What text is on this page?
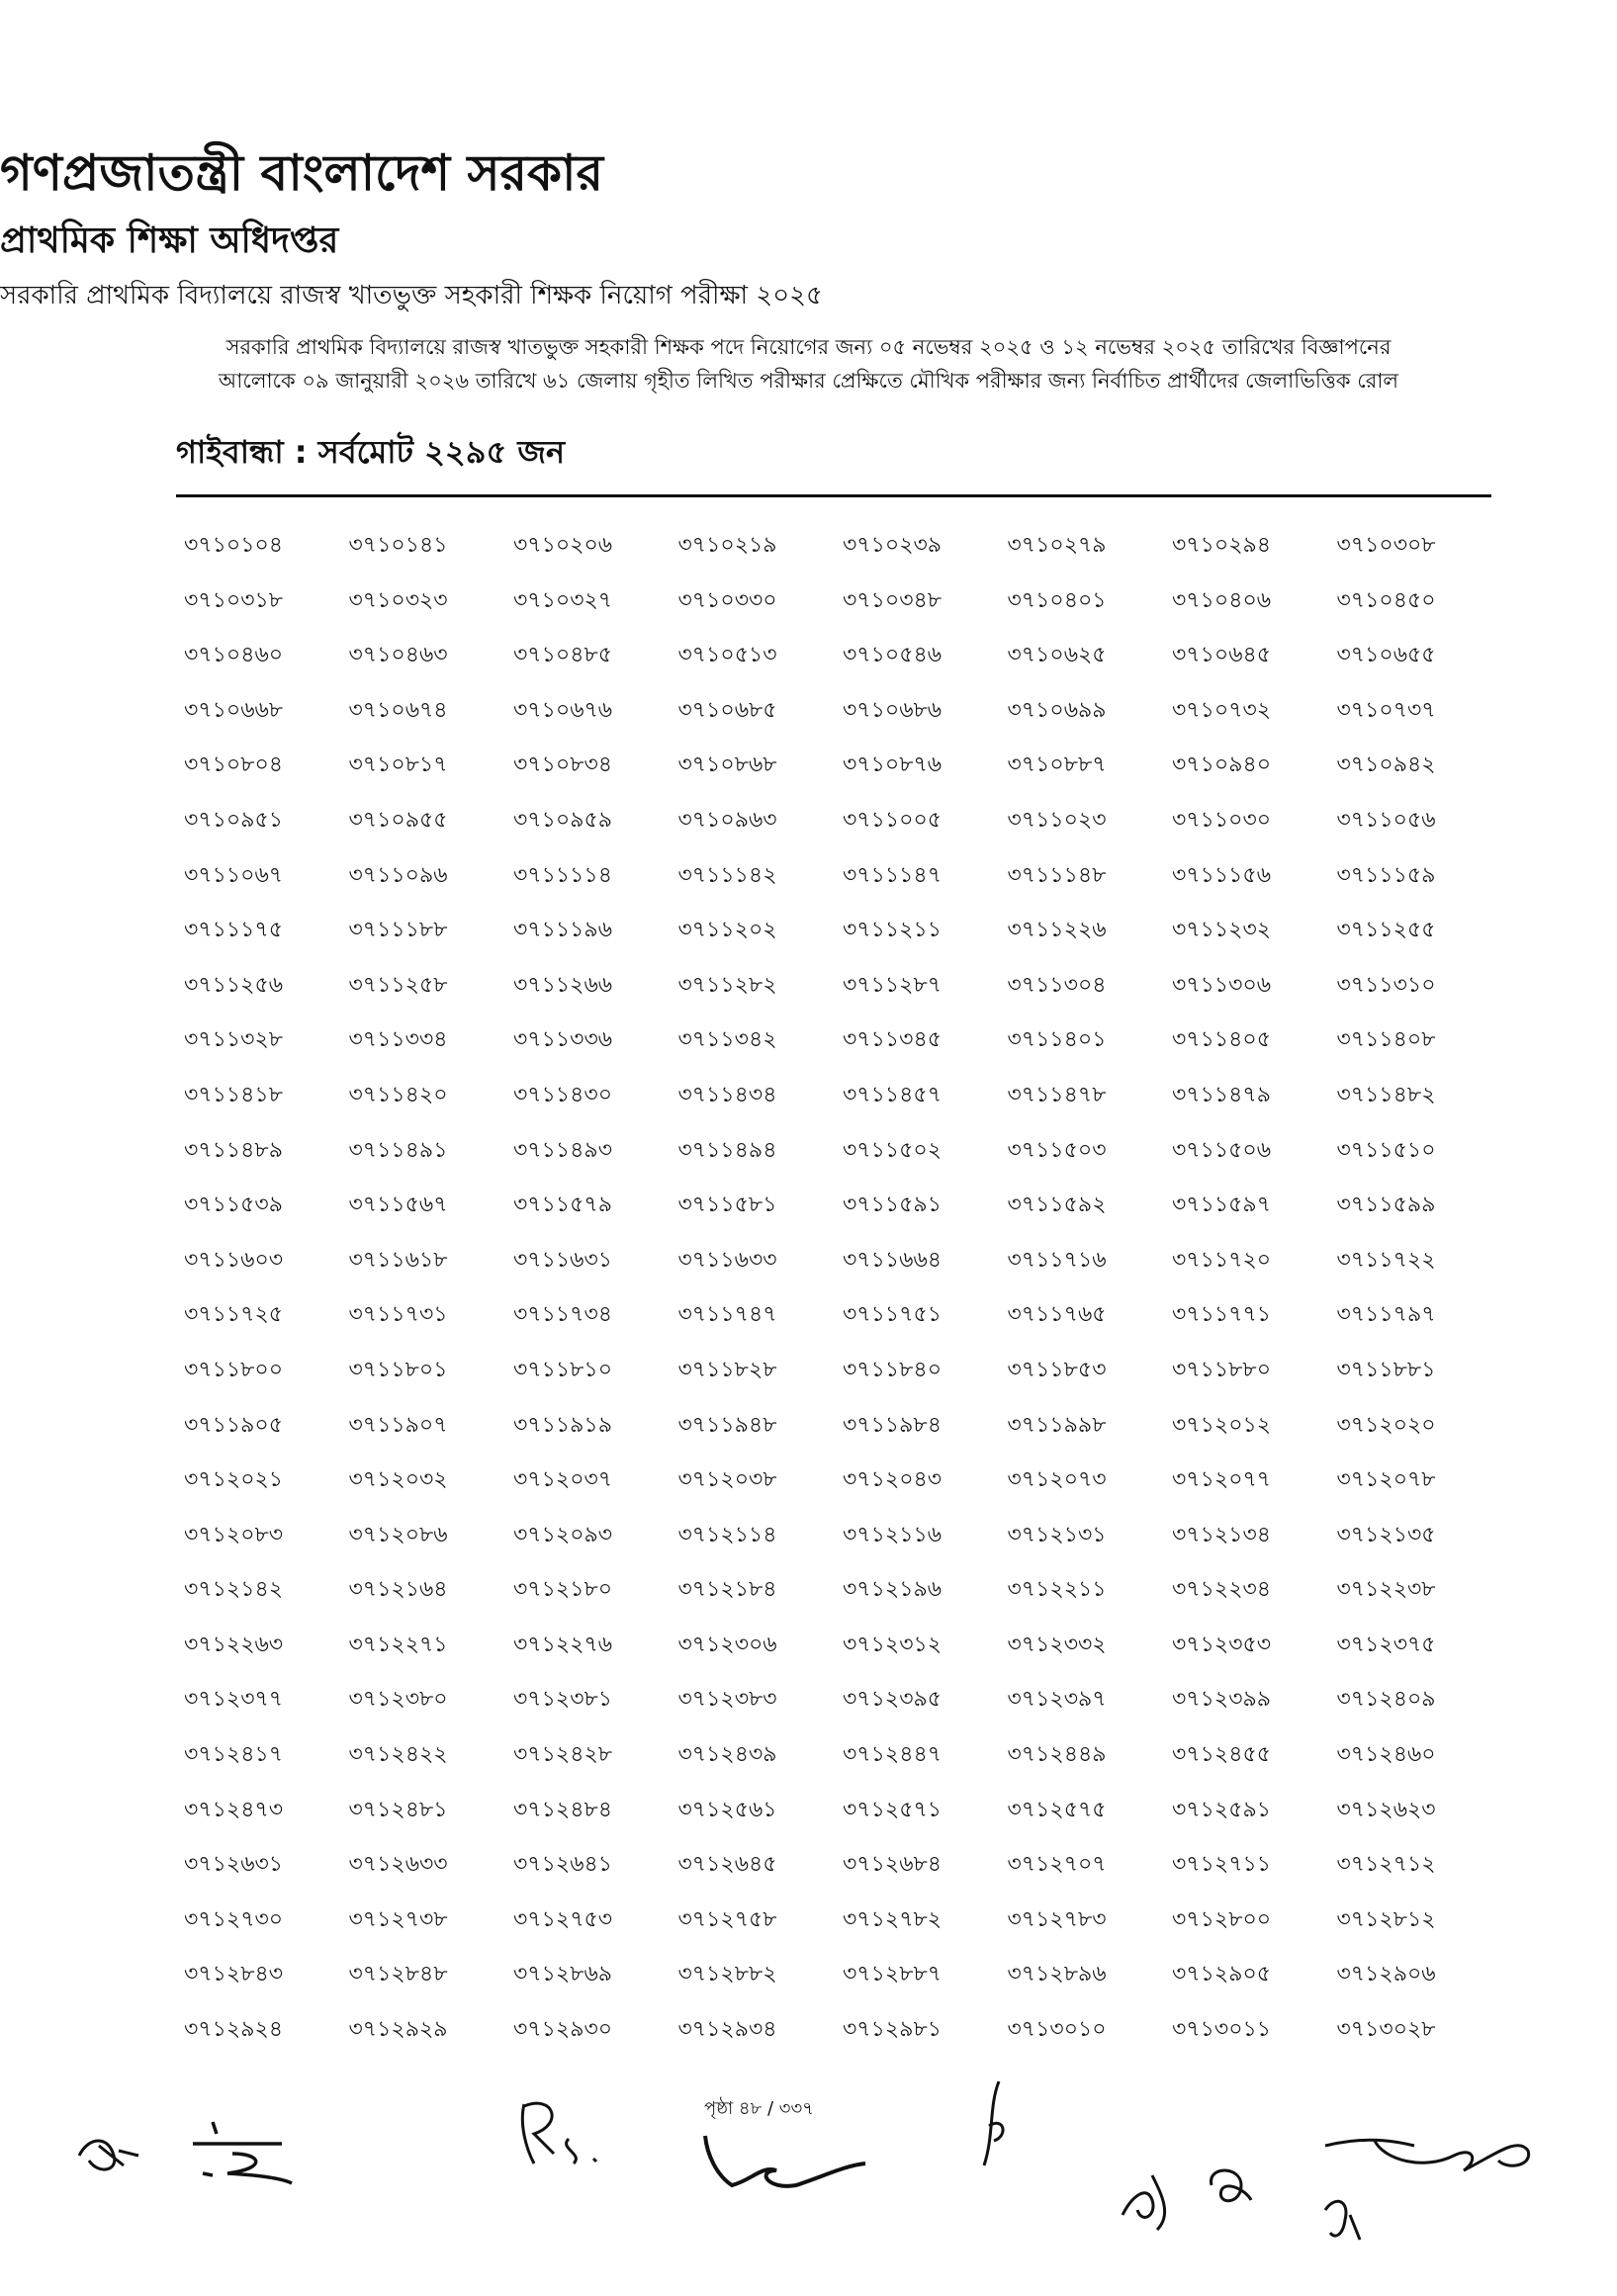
গণপ্রজাতন্ত্রী বাংলাদেশ সরকার
প্রাথমিক শিক্ষা অধিদপ্তর
সরকারি প্রাথমিক বিদ্যালয়ে রাজস্ব খাতভুক্ত সহকারী শিক্ষক নিয়োগ পরীক্ষা ২০২৫
সরকারি প্রাথমিক বিদ্যালয়ে রাজস্ব খাতভুক্ত সহকারী শিক্ষক পদে নিয়োগের জন্য ০৫ নভেম্বর ২০২৫ ও ১২ নভেম্বর ২০২৫ তারিখের বিজ্ঞাপনের
আলোকে ০৯ জানুয়ারী ২০২৬ তারিখে ৬১ জেলায় গৃহীত লিখিত পরীক্ষার প্রেক্ষিতে মৌখিক পরীক্ষার জন্য নির্বাচিত প্রার্থীদের জেলাভিত্তিক রোল
গাইবান্ধা : সর্বমোট ২২৯৫ জন
৩৭১০১০৪	৩৭১০১৪১	৩৭১০২০৬	৩৭১০২১৯	৩৭১০২৩৯	৩৭১০২৭৯	৩৭১০২৯৪	৩৭১০৩০৮
৩৭১০৩১৮	৩৭১০৩২৩	৩৭১০৩২৭	৩৭১০৩৩০	৩৭১০৩৪৮	৩৭১০৪০১	৩৭১০৪০৬	৩৭১০৪৫০
৩৭১০৪৬০	৩৭১০৪৬৩	৩৭১০৪৮৫	৩৭১০৫১৩	৩৭১০৫৪৬	৩৭১০৬২৫	৩৭১০৬৪৫	৩৭১০৬৫৫
৩৭১০৬৬৮	৩৭১০৬৭৪	৩৭১০৬৭৬	৩৭১০৬৮৫	৩৭১০৬৮৬	৩৭১০৬৯৯	৩৭১০৭৩২	৩৭১০৭৩৭
৩৭১০৮০৪	৩৭১০৮১৭	৩৭১০৮৩৪	৩৭১০৮৬৮	৩৭১০৮৭৬	৩৭১০৮৮৭	৩৭১০৯৪০	৩৭১০৯৪২
৩৭১০৯৫১	৩৭১০৯৫৫	৩৭১০৯৫৯	৩৭১০৯৬৩	৩৭১১০০৫	৩৭১১০২৩	৩৭১১০৩০	৩৭১১০৫৬
৩৭১১০৬৭	৩৭১১০৯৬	৩৭১১১১৪	৩৭১১১৪২	৩৭১১১৪৭	৩৭১১১৪৮	৩৭১১১৫৬	৩৭১১১৫৯
৩৭১১১৭৫	৩৭১১১৮৮	৩৭১১১৯৬	৩৭১১২০২	৩৭১১২১১	৩৭১১২২৬	৩৭১১২৩২	৩৭১১২৫৫
৩৭১১২৫৬	৩৭১১২৫৮	৩৭১১২৬৬	৩৭১১২৮২	৩৭১১২৮৭	৩৭১১৩০৪	৩৭১১৩০৬	৩৭১১৩১০
৩৭১১৩২৮	৩৭১১৩৩৪	৩৭১১৩৩৬	৩৭১১৩৪২	৩৭১১৩৪৫	৩৭১১৪০১	৩৭১১৪০৫	৩৭১১৪০৮
৩৭১১৪১৮	৩৭১১৪২০	৩৭১১৪৩০	৩৭১১৪৩৪	৩৭১১৪৫৭	৩৭১১৪৭৮	৩৭১১৪৭৯	৩৭১১৪৮২
৩৭১১৪৮৯	৩৭১১৪৯১	৩৭১১৪৯৩	৩৭১১৪৯৪	৩৭১১৫০২	৩৭১১৫০৩	৩৭১১৫০৬	৩৭১১৫১০
৩৭১১৫৩৯	৩৭১১৫৬৭	৩৭১১৫৭৯	৩৭১১৫৮১	৩৭১১৫৯১	৩৭১১৫৯২	৩৭১১৫৯৭	৩৭১১৫৯৯
৩৭১১৬০৩	৩৭১১৬১৮	৩৭১১৬৩১	৩৭১১৬৩৩	৩৭১১৬৬৪	৩৭১১৭১৬	৩৭১১৭২০	৩৭১১৭২২
৩৭১১৭২৫	৩৭১১৭৩১	৩৭১১৭৩৪	৩৭১১৭৪৭	৩৭১১৭৫১	৩৭১১৭৬৫	৩৭১১৭৭১	৩৭১১৭৯৭
৩৭১১৮০০	৩৭১১৮০১	৩৭১১৮১০	৩৭১১৮২৮	৩৭১১৮৪০	৩৭১১৮৫৩	৩৭১১৮৮০	৩৭১১৮৮১
৩৭১১৯০৫	৩৭১১৯০৭	৩৭১১৯১৯	৩৭১১৯৪৮	৩৭১১৯৮৪	৩৭১১৯৯৮	৩৭১২০১২	৩৭১২০২০
৩৭১২০২১	৩৭১২০৩২	৩৭১২০৩৭	৩৭১২০৩৮	৩৭১২০৪৩	৩৭১২০৭৩	৩৭১২০৭৭	৩৭১২০৭৮
৩৭১২০৮৩	৩৭১২০৮৬	৩৭১২০৯৩	৩৭১২১১৪	৩৭১২১১৬	৩৭১২১৩১	৩৭১২১৩৪	৩৭১২১৩৫
৩৭১২১৪২	৩৭১২১৬৪	৩৭১২১৮০	৩৭১২১৮৪	৩৭১২১৯৬	৩৭১২২১১	৩৭১২২৩৪	৩৭১২২৩৮
৩৭১২২৬৩	৩৭১২২৭১	৩৭১২২৭৬	৩৭১২৩০৬	৩৭১২৩১২	৩৭১২৩৩২	৩৭১২৩৫৩	৩৭১২৩৭৫
৩৭১২৩৭৭	৩৭১২৩৮০	৩৭১২৩৮১	৩৭১২৩৮৩	৩৭১২৩৯৫	৩৭১২৩৯৭	৩৭১২৩৯৯	৩৭১২৪০৯
৩৭১২৪১৭	৩৭১২৪২২	৩৭১২৪২৮	৩৭১২৪৩৯	৩৭১২৪৪৭	৩৭১২৪৪৯	৩৭১২৪৫৫	৩৭১২৪৬০
৩৭১২৪৭৩	৩৭১২৪৮১	৩৭১২৪৮৪	৩৭১২৫৬১	৩৭১২৫৭১	৩৭১২৫৭৫	৩৭১২৫৯১	৩৭১২৬২৩
৩৭১২৬৩১	৩৭১২৬৩৩	৩৭১২৬৪১	৩৭১২৬৪৫	৩৭১২৬৮৪	৩৭১২৭০৭	৩৭১২৭১১	৩৭১২৭১২
৩৭১২৭৩০	৩৭১২৭৩৮	৩৭১২৭৫৩	৩৭১২৭৫৮	৩৭১২৭৮২	৩৭১২৭৮৩	৩৭১২৮০০	৩৭১২৮১২
৩৭১২৮৪৩	৩৭১২৮৪৮	৩৭১২৮৬৯	৩৭১২৮৮২	৩৭১২৮৮৭	৩৭১২৮৯৬	৩৭১২৯০৫	৩৭১২৯০৬
৩৭১২৯২৪	৩৭১২৯২৯	৩৭১২৯৩০	৩৭১২৯৩৪	৩৭১২৯৮১	৩৭১৩০১০	৩৭১৩০১১	৩৭১৩০২৮
পৃষ্ঠা ৪৮ / ৩৩৭
